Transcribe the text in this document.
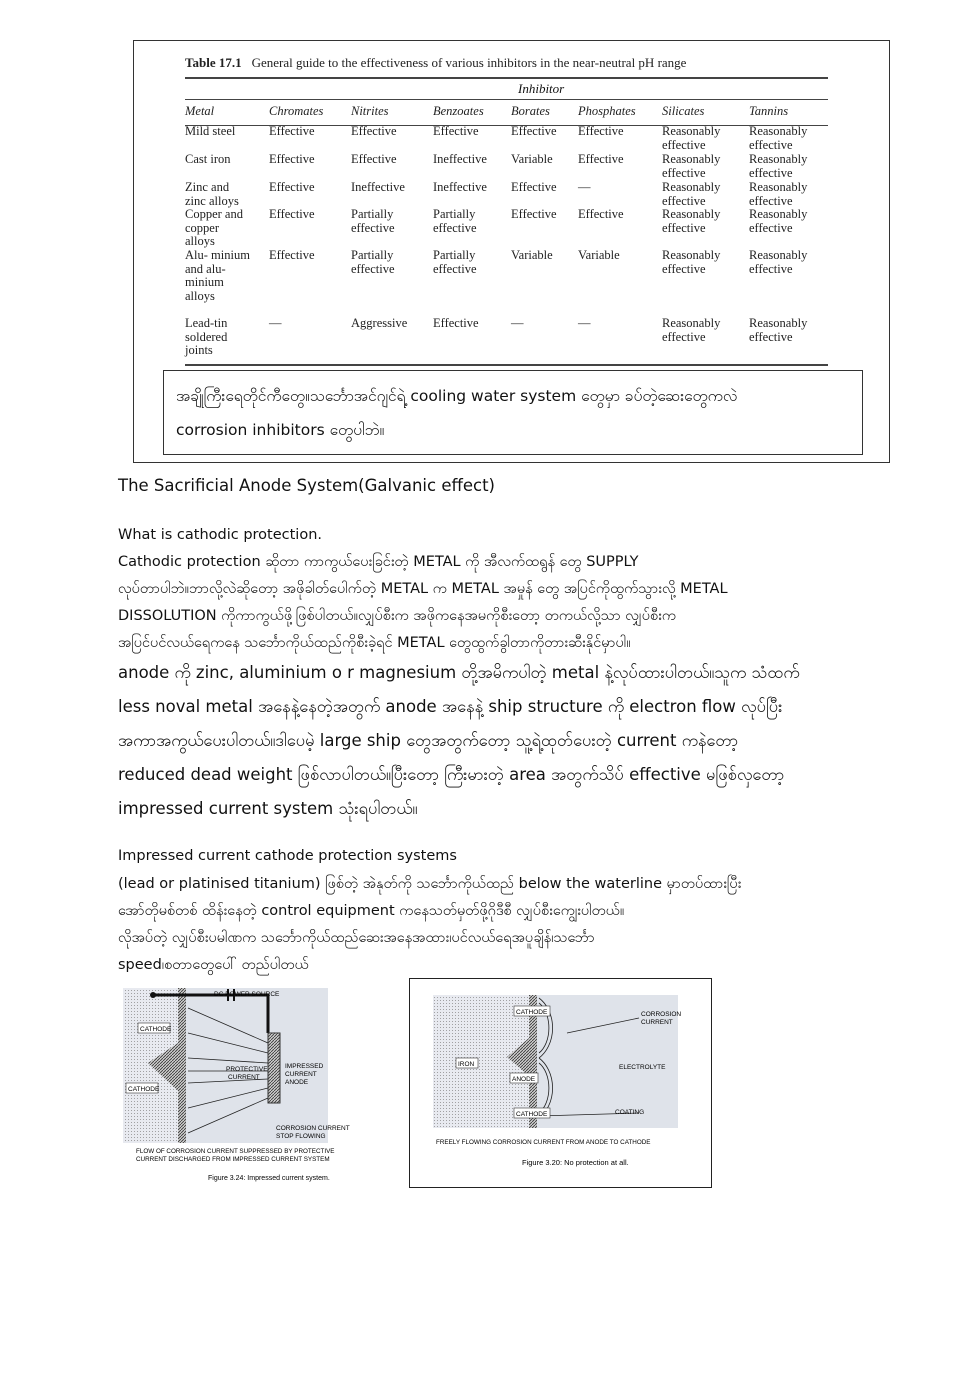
Table 17.1 General guide to the effectiveness of various inhibitors in the near-neutral pH range
Inhibitor
Metal	Chromates	Nitrites	Benzoates	Borates	Phosphates	Silicates	Tannins
Mild steel	Effective	Effective	Effective	Effective	Effective	Reasonably effective	Reasonably effective
Cast iron	Effective	Effective	Ineffective	Variable	Effective	Reasonably effective	Reasonably effective
Zinc and zinc alloys	Effective	Ineffective	Ineffective	Effective	—	Reasonably effective	Reasonably effective
Copper and copper alloys	Effective	Partially effective	Partially effective	Effective	Effective	Reasonably effective	Reasonably effective
Alu- minium and alu- minium alloys	Effective	Partially effective	Partially effective	Variable	Variable	Reasonably effective	Reasonably effective
Lead-tin soldered joints	—	Aggressive	Effective	—	—	Reasonably effective	Reasonably effective
အချိုကြီးရေတိုင်ကီတွေ။သင်္ဘောအင်ဂျင်ရဲ့ cooling water system တွေမှာ ခပ်တဲ့ဆေးတွေကလဲ
corrosion inhibitors တွေပါဘဲ။
The Sacrificial Anode System(Galvanic effect)
What is cathodic protection.
Cathodic protection ဆိုတာ ကာကွယ်ပေးခြင်းတဲ့ METAL ကို အီလက်ထရွန် တွေ SUPPLY
လုပ်တာပါဘဲ။ဘာလို့လဲဆိုတော့ အဖိုခါတ်ပေါက်တဲ့ METAL က METAL အမှုန် တွေ အပြင်ကိုထွက်သွားလို့ METAL
DISSOLUTION ကိုကာကွယ်ဖို့ဖြစ်ပါတယ်။လျှပ်စီးက အဖိုကနေအမကိုစီးတော့ တကယ်လို့သာ လျှပ်စီးက
အပြင်ပင်လယ်ရေကနေ သင်္ဘောကိုယ်ထည်ကိုစီးခဲ့ရင် METAL တွေထွက်ခွါတာကိုတားဆီးနိုင်မှာပါ။
anode ကို zinc, aluminium o r magnesium တို့အမိကပါတဲ့ metal နဲ့လုပ်ထားပါတယ်။သူက သံထက်
less noval metal အနေနဲ့နေတဲ့အတွက် anode အနေနဲ့ ship structure ကို electron flow လုပ်ပြီး
အကာအကွယ်ပေးပါတယ်။ဒါပေမဲ့ large ship တွေအတွက်တော့ သူ့ရဲ့ထုတ်ပေးတဲ့ current ကနဲတော့
reduced dead weight ဖြစ်လာပါတယ်။ပြီးတော့ ကြီးမားတဲ့ area အတွက်သိပ် effective မဖြစ်လှတော့
impressed current system သုံးရပါတယ်။
Impressed current cathode protection systems
(lead or platinised titanium) ဖြစ်တဲ့ အဲနုတ်ကို သင်္ဘောကိုယ်ထည် below the waterline မှာတပ်ထားပြီး
အော်တိုမစ်တစ် ထိန်းနေတဲ့ control equipment ကနေသတ်မှတ်ဖို့ဂိုဒီစီ လျှပ်စီးကျွေးပါတယ်။
လိုအပ်တဲ့ လျှပ်စီးပမါဏက သင်္ဘောကိုယ်ထည်ဆေးအနေအထား၊ပင်လယ်ရေအပူချိန်၊သင်္ဘော
speed၊စတာတွေပေါ် တည်ပါတယ်
CATHODE
CATHODE
DC POWER SOURCE
PROTECTIVE
CURRENT
IMPRESSED
CURRENT
ANODE
CORROSION CURRENT
STOP FLOWING
FLOW OF CORROSION CURRENT SUPPRESSED BY PROTECTIVE
CURRENT DISCHARGED FROM IMPRESSED CURRENT SYSTEM
Figure 3.24: Impressed current system.
CATHODE
CATHODE
IRON
ANODE
CORROSION
CURRENT
ELECTROLYTE
COATING
FREELY FLOWING CORROSION CURRENT FROM ANODE TO CATHODE
Figure 3.20: No protection at all.
